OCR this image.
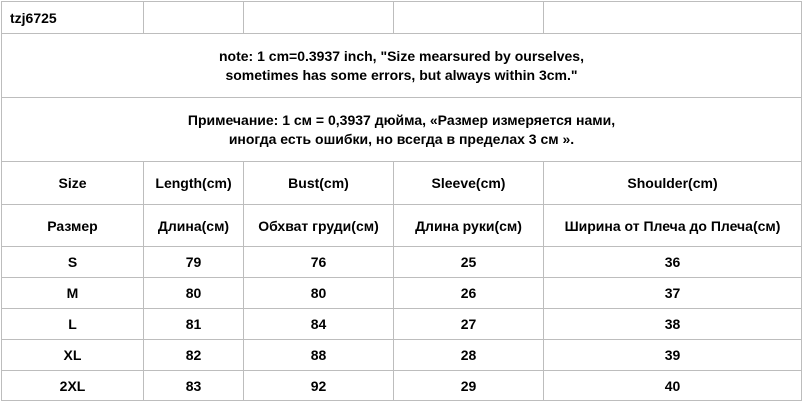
tzj6725				

note: 1 cm=0.3937 inch, "Size mearsured by ourselves,
sometimes has some errors, but always within 3cm."				

Примечание: 1 см = 0,3937 дюйма, «Размер измеряется нами,
иногда есть ошибки, но всегда в пределах 3 см ».				

Size	Length(cm)	Bust(cm)	Sleeve(cm)	Shoulder(cm)
Размер	Длина(см)	Обхват груди(см)	Длина руки(см)	Ширина от Плеча до Плеча(см)
S	79	76	25	36
M	80	80	26	37
L	81	84	27	38
XL	82	88	28	39
2XL	83	92	29	40
